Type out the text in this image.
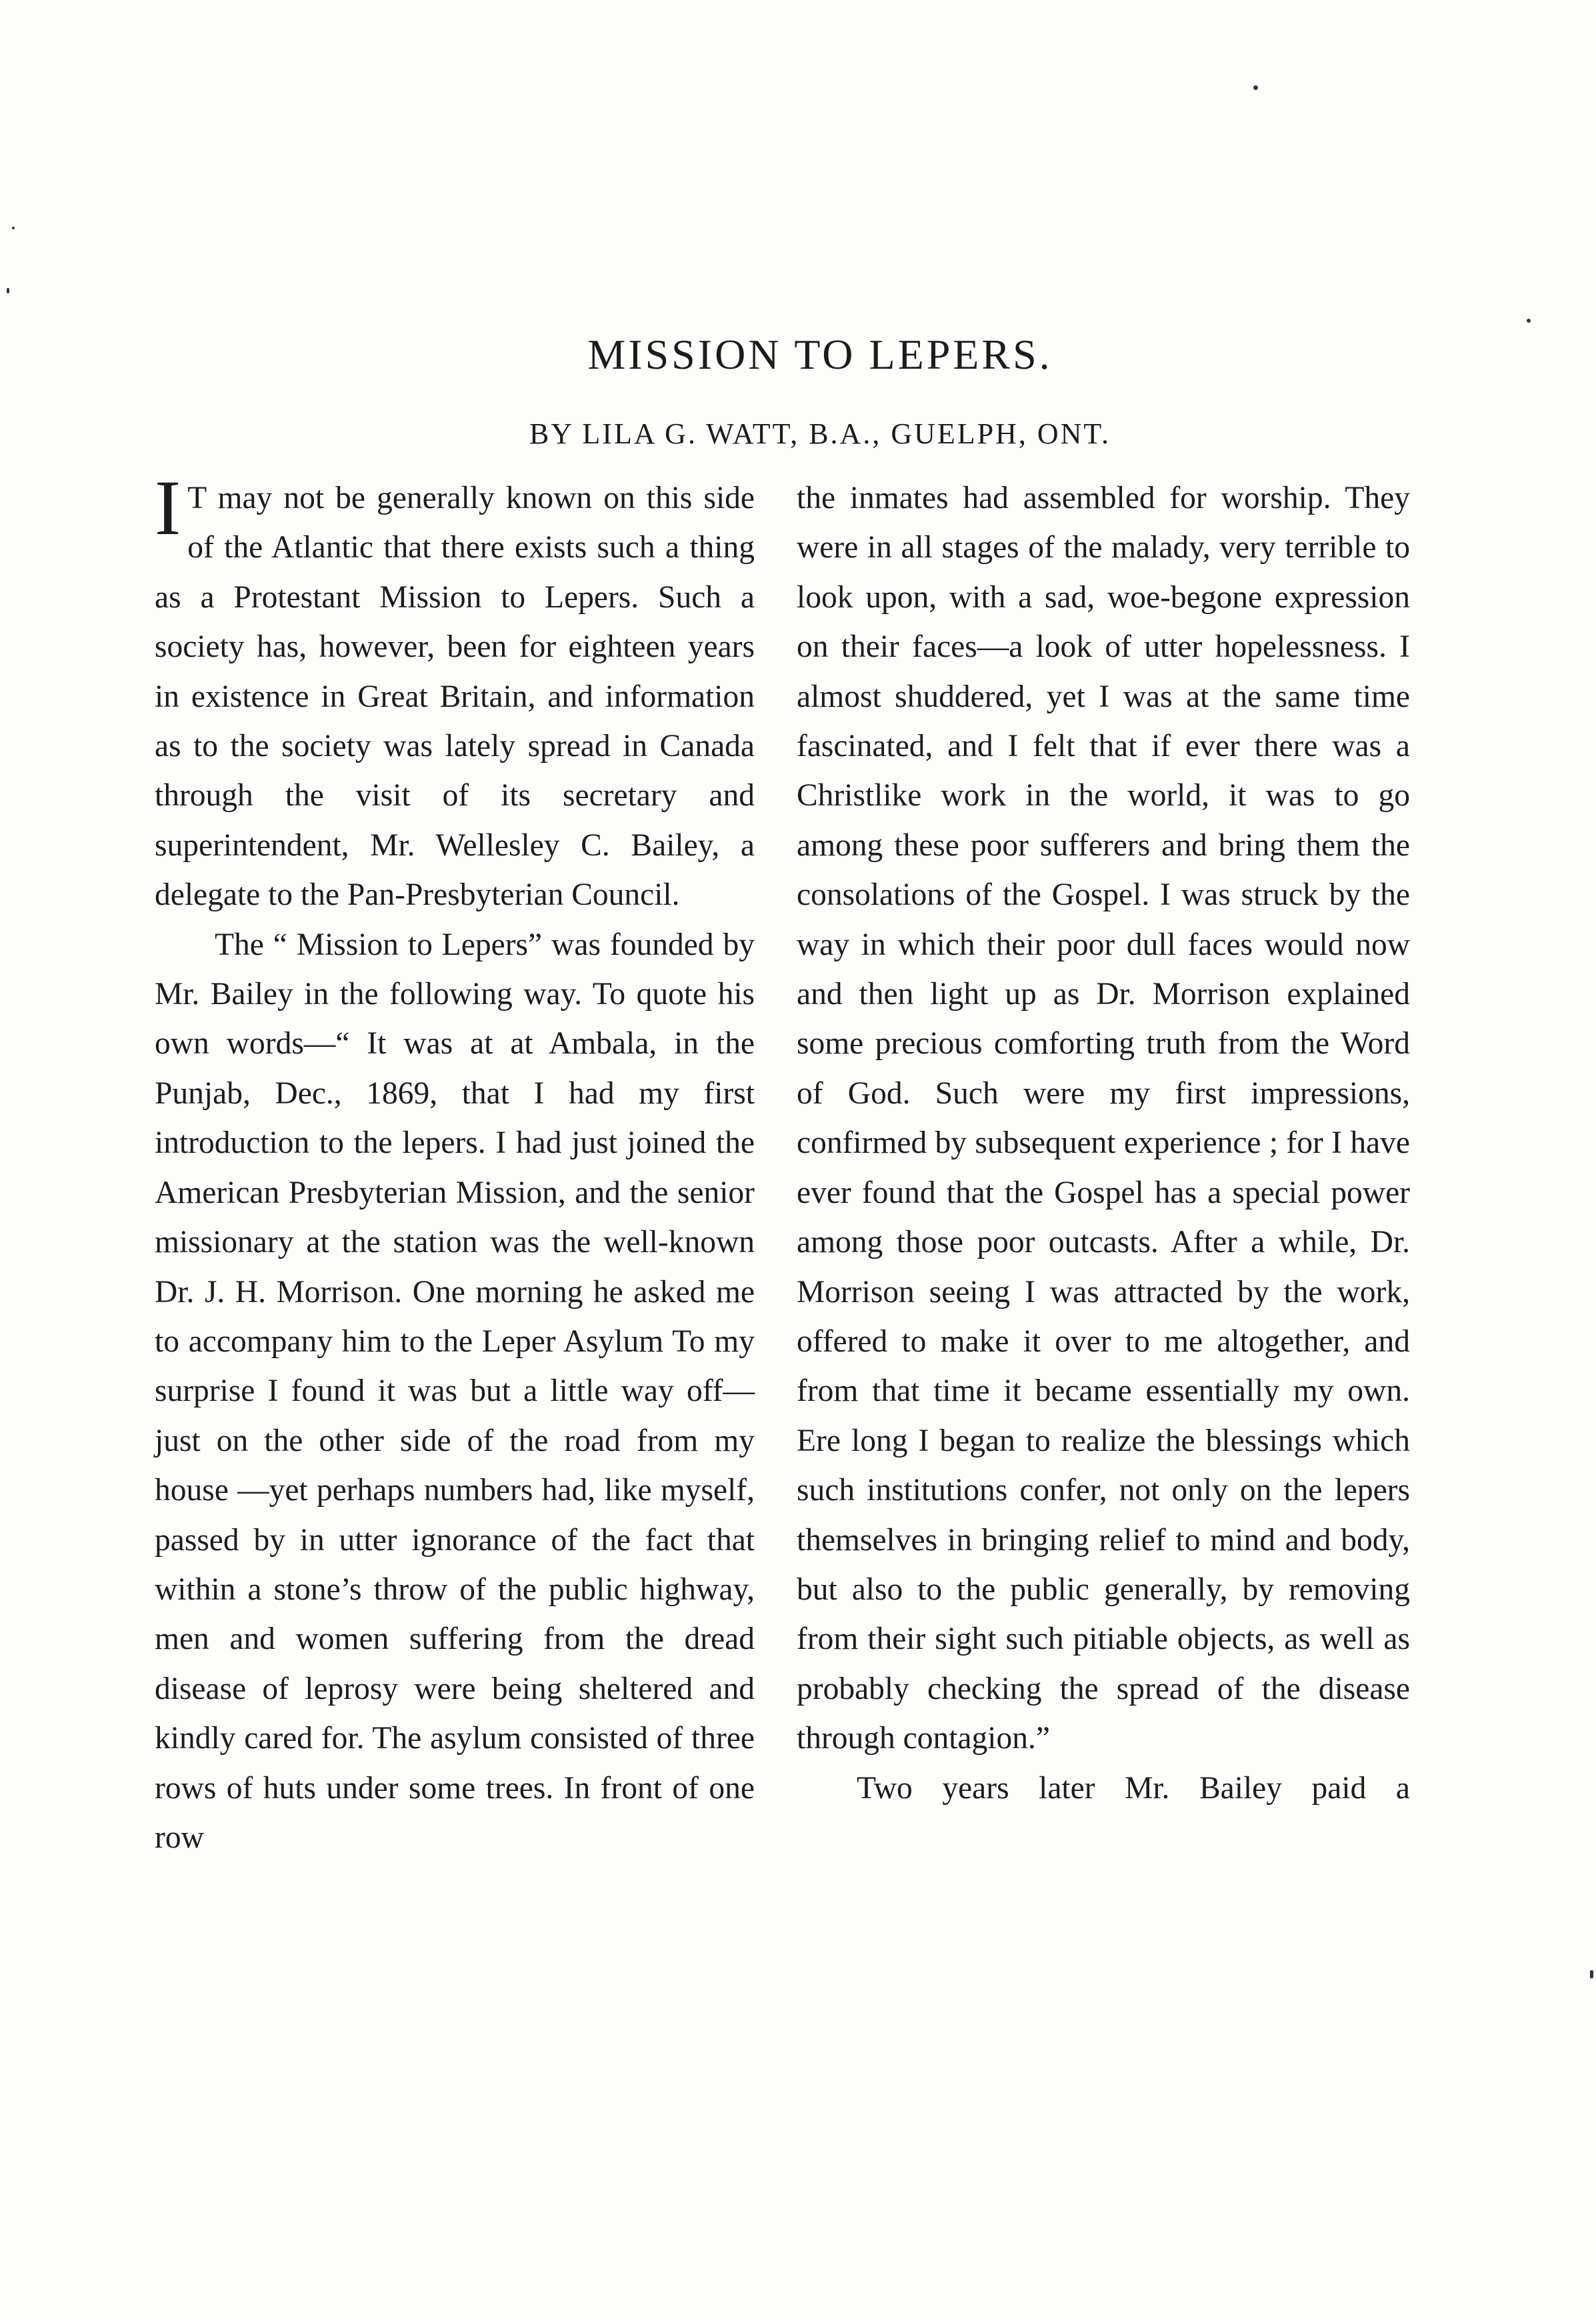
MISSION TO LEPERS.
BY LILA G. WATT, B.A., GUELPH, ONT.

I T may not be generally known on this side of the Atlantic that there exists such a thing as a Protestant Mission to Lepers. Such a society has, however, been for eighteen years in existence in Great Britain, and information as to the society was lately spread in Canada through the visit of its secretary and superintendent, Mr. Wellesley C. Bailey, a delegate to the Pan-Presbyterian Council.

The “ Mission to Lepers” was founded by Mr. Bailey in the following way. To quote his own words—“ It was at at Ambala, in the Punjab, Dec., 1869, that I had my first introduction to the lepers. I had just joined the American Presbyterian Mission, and the senior missionary at the station was the well-known Dr. J. H. Morrison. One morning he asked me to accompany him to the Leper Asylum To my surprise I found it was but a little way off—just on the other side of the road from my house —yet perhaps numbers had, like myself, passed by in utter ignorance of the fact that within a stone’s throw of the public highway, men and women suffering from the dread disease of leprosy were being sheltered and kindly cared for. The asylum consisted of three rows of huts under some trees. In front of one row

the inmates had assembled for worship. They were in all stages of the malady, very terrible to look upon, with a sad, woe-begone expression on their faces—a look of utter hopelessness. I almost shuddered, yet I was at the same time fascinated, and I felt that if ever there was a Christlike work in the world, it was to go among these poor sufferers and bring them the consolations of the Gospel. I was struck by the way in which their poor dull faces would now and then light up as Dr. Morrison explained some precious comforting truth from the Word of God. Such were my first impressions, confirmed by subsequent experience ; for I have ever found that the Gospel has a special power among those poor outcasts. After a while, Dr. Morrison seeing I was attracted by the work, offered to make it over to me altogether, and from that time it became essentially my own. Ere long I began to realize the blessings which such institutions confer, not only on the lepers themselves in bringing relief to mind and body, but also to the public generally, by removing from their sight such pitiable objects, as well as probably checking the spread of the disease through contagion.”

Two years later Mr. Bailey paid a
